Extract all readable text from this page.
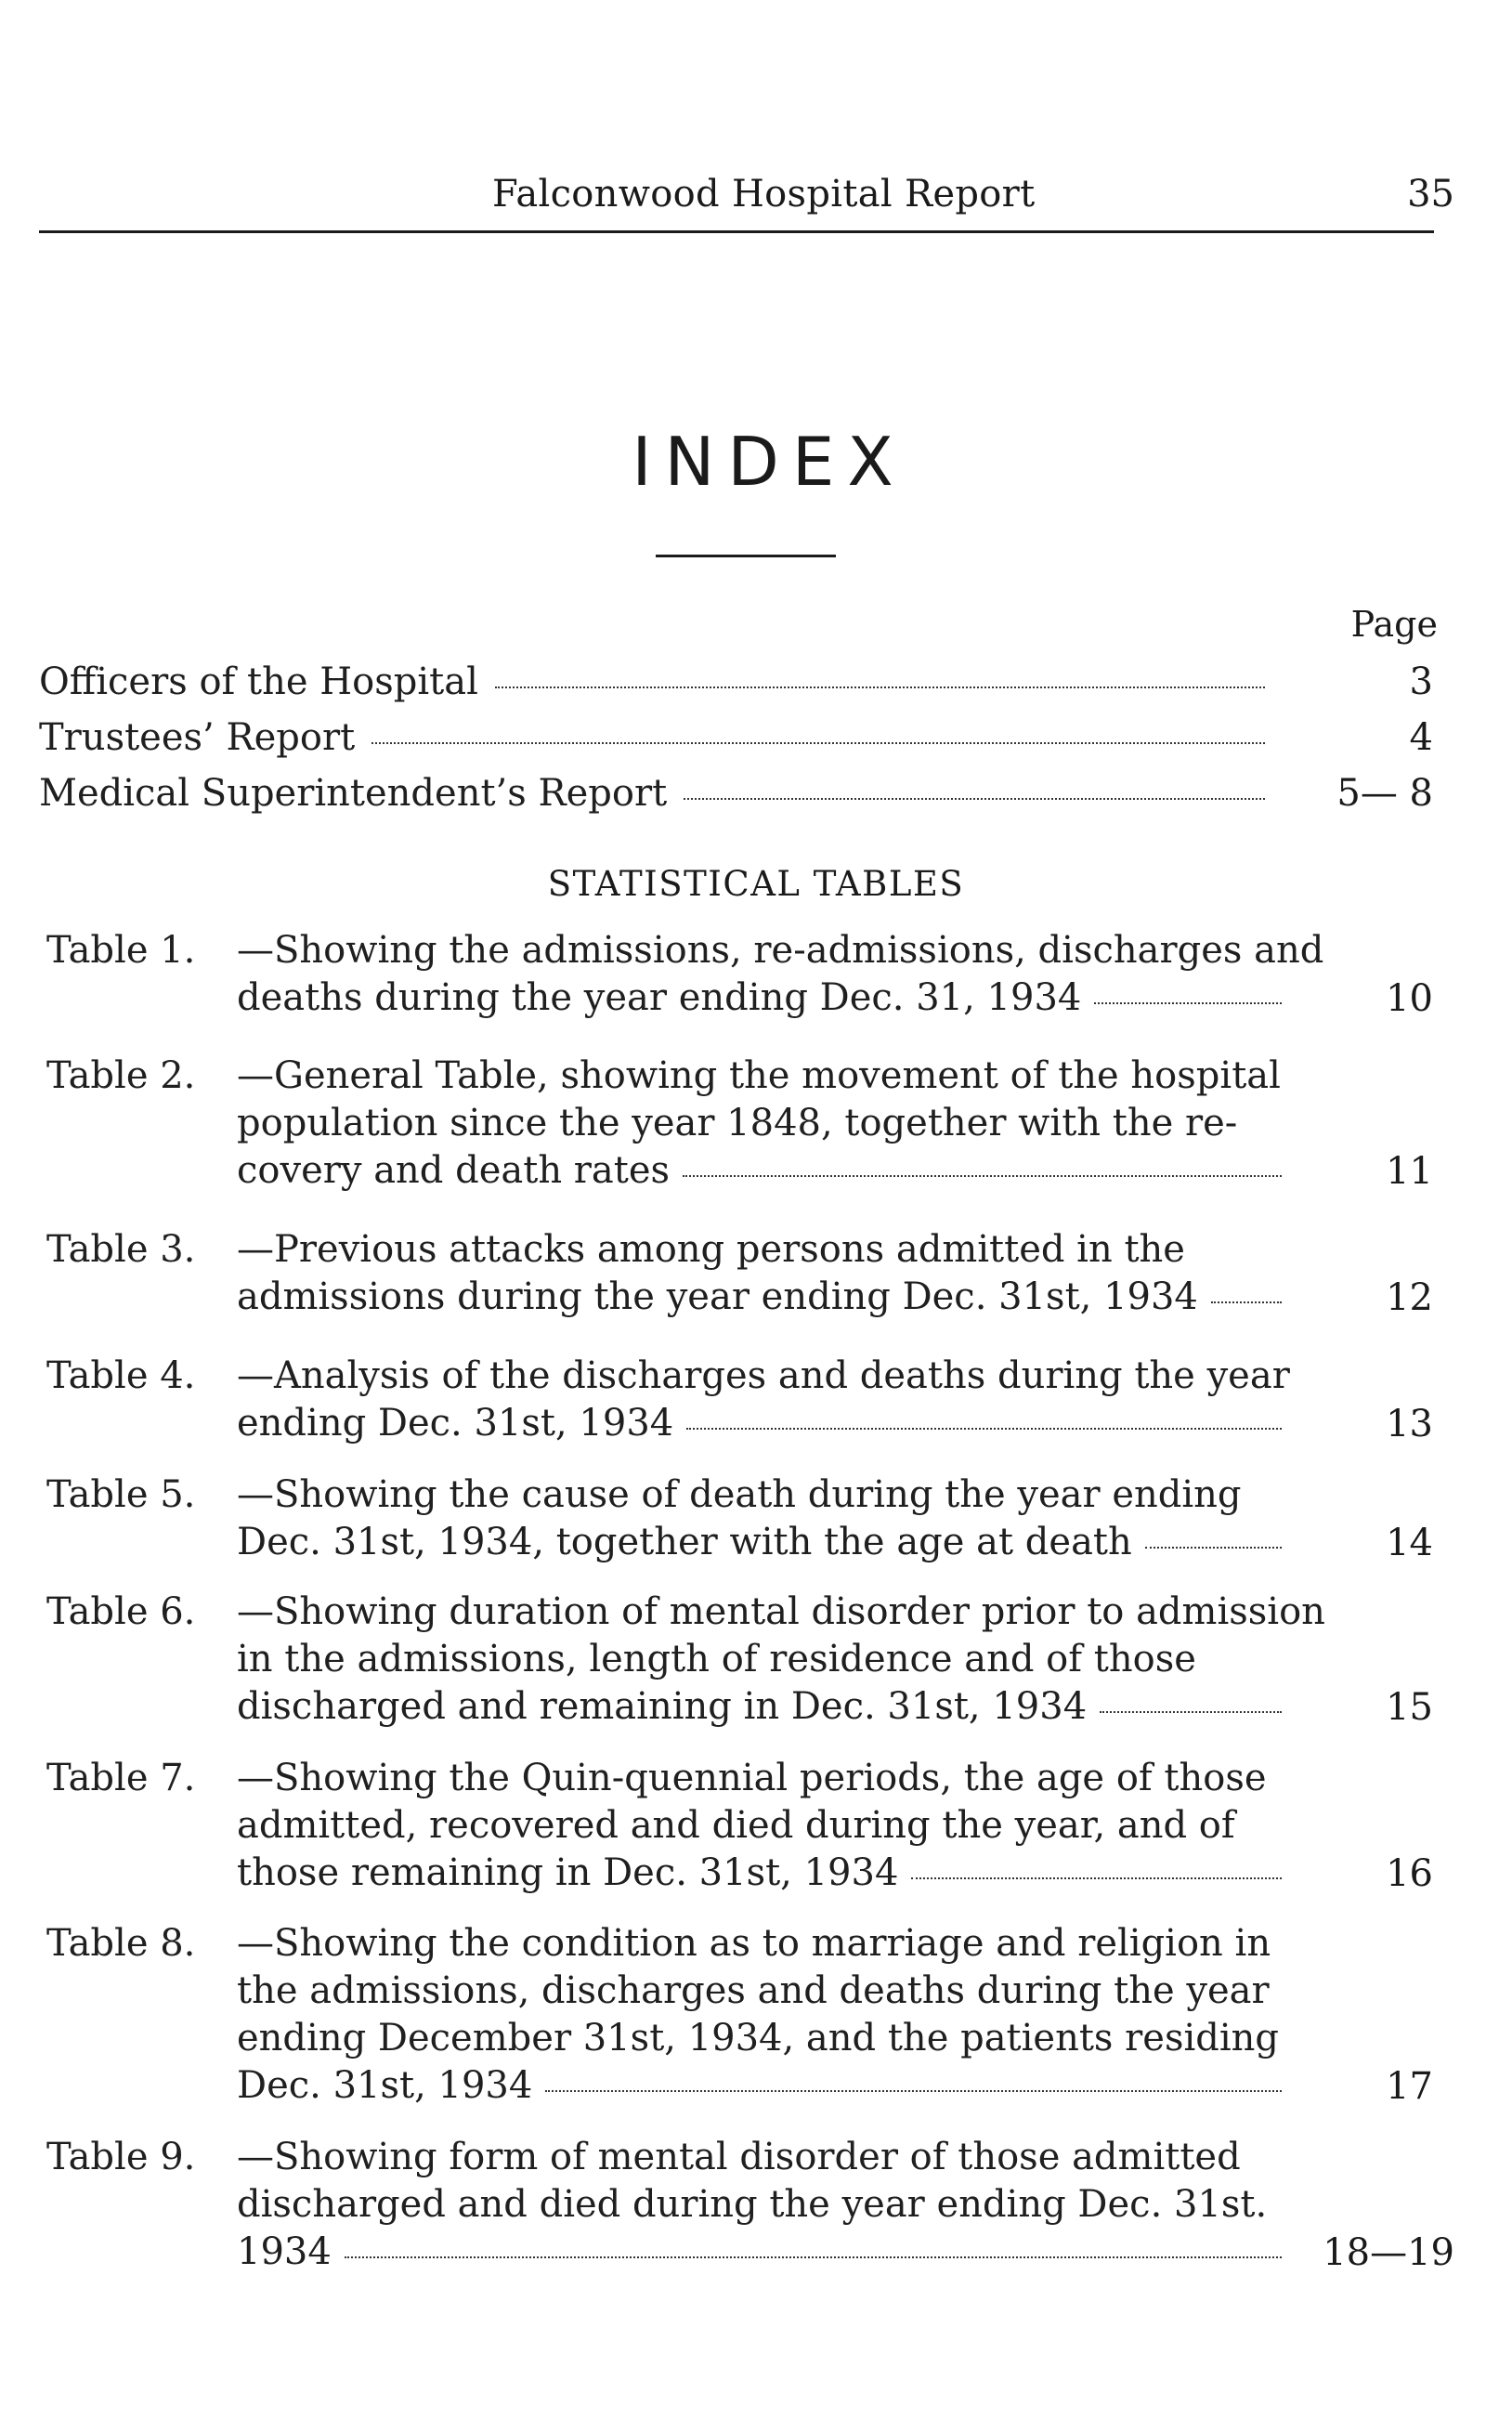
Falconwood Hospital Report	35
INDEX
Page
Officers of the Hospital	3
Trustees’ Report	4
Medical Superintendent’s Report	5— 8
STATISTICAL TABLES
Table 1. —Showing the admissions, re-admissions, discharges and
deaths during the year ending Dec. 31, 1934	10
Table 2. —General Table, showing the movement of the hospital
population since the year 1848, together with the re-
covery and death rates	11
Table 3. —Previous attacks among persons admitted in the
admissions during the year ending Dec. 31st, 1934	12
Table 4. —Analysis of the discharges and deaths during the year
ending Dec. 31st, 1934	13
Table 5. —Showing the cause of death during the year ending
Dec. 31st, 1934, together with the age at death	14
Table 6. —Showing duration of mental disorder prior to admission
in the admissions, length of residence and of those
discharged and remaining in Dec. 31st, 1934	15
Table 7. —Showing the Quin-quennial periods, the age of those
admitted, recovered and died during the year, and of
those remaining in Dec. 31st, 1934	16
Table 8. —Showing the condition as to marriage and religion in
the admissions, discharges and deaths during the year
ending December 31st, 1934, and the patients residing
Dec. 31st, 1934	17
Table 9. —Showing form of mental disorder of those admitted
discharged and died during the year ending Dec. 31st.
1934	18—19
